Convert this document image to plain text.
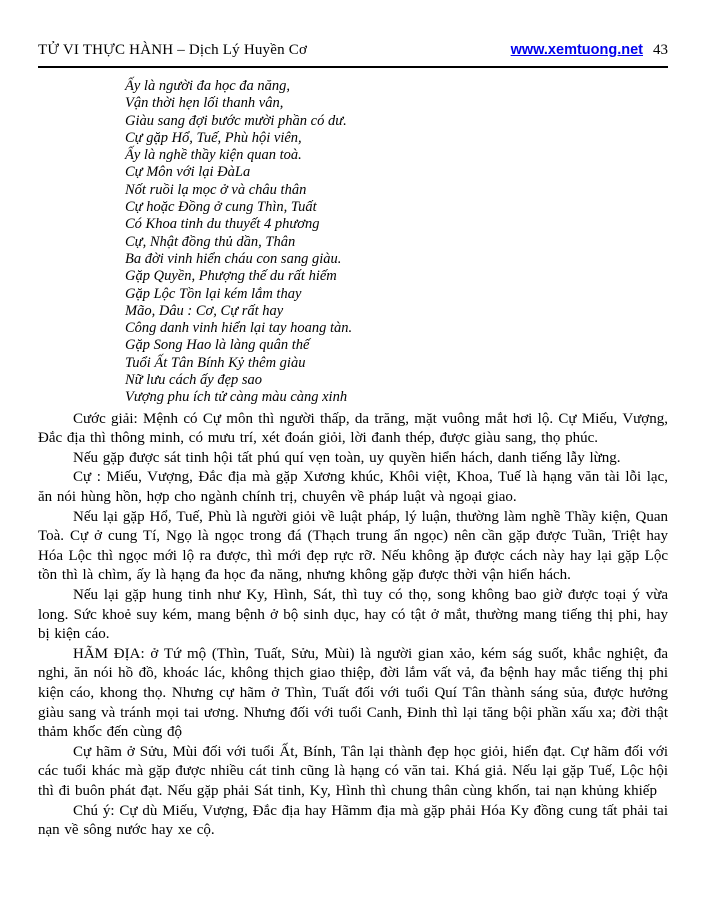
TỬ VI THỰC HÀNH – Dịch Lý Huyền Cơ	www.xemtuong.net 43
Ấy là người đa học đa năng,
Vận thời hẹn lối thanh vân,
Giàu sang đợi bước mười phần có dư.
Cự gặp Hổ, Tuế, Phù hội viên,
Ấy là nghề thầy kiện quan toà.
Cự Môn với lại ĐàLa
Nốt ruồi lạ mọc ở và châu thân
Cự hoặc Đồng ở cung Thìn, Tuất
Có Khoa tinh du thuyết 4 phương
Cự, Nhật đồng thủ dần, Thân
Ba đời vinh hiển cháu con sang giàu.
Gặp Quyền, Phượng thế du rất hiếm
Gặp Lộc Tồn lại kém lắm thay
Mão, Dâu : Cơ, Cự rất hay
Công danh vinh hiển lại tay hoang tàn.
Gặp Song Hao là làng quân thế
Tuổi Ất Tân Bính Kỷ thêm giàu
Nữ lưu cách ấy đẹp sao
Vượng phu ích tử càng màu càng xinh

Cước giải: Mệnh có Cự môn thì người thấp, da trăng, mặt vuông mắt hơi lộ. Cự Miếu, Vượng, Đắc địa thì thông minh, có mưu trí, xét đoán giỏi, lời đanh thép, được giàu sang, thọ phúc.

Nếu gặp được sát tinh hội tất phú quí vẹn toàn, uy quyền hiển hách, danh tiếng lẫy lừng.

Cự : Miếu, Vượng, Đắc địa mà gặp Xương khúc, Khôi việt, Khoa, Tuế là hạng văn tài lỗi lạc, ăn nói hùng hồn, hợp cho ngành chính trị, chuyên về pháp luật và ngoại giao.

Nếu lại gặp Hổ, Tuế, Phù là người giỏi về luật pháp, lý luận, thường làm nghề Thầy kiện, Quan Toà. Cự ở cung Tí, Ngọ là ngọc trong đá (Thạch trung ẩn ngọc) nên cần gặp được Tuần, Triệt hay Hóa Lộc thì ngọc mới lộ ra được, thì mới đẹp rực rỡ. Nếu không ặp được cách này hay lại gặp Lộc tồn thì là chìm, ấy là hạng đa học đa năng, nhưng không gặp được thời vận hiển hách.

Nếu lại gặp hung tinh như Ky, Hình, Sát, thì tuy có thọ, song không bao giờ được toại ý vừa long. Sức khoẻ suy kém, mang bệnh ở bộ sinh dục, hay có tật ở mắt, thường mang tiếng thị phi, hay bị kiện cáo.

HÃM ĐỊA: ở Tứ mộ (Thìn, Tuất, Sửu, Mùi) là người gian xảo, kém ság suốt, khắc nghiệt, đa nghi, ăn nói hồ đồ, khoác lác, không thịch giao thiệp, đời lắm vất vả, đa bệnh hay mắc tiếng thị phi kiện cáo, khong thọ. Nhưng cự hãm ở Thìn, Tuất đối với tuổi Quí Tân thành sáng sủa, được hưởng giàu sang và tránh mọi tai ương. Nhưng đối với tuổi Canh, Đinh thì lại tăng bội phần xấu xa; đời thật thảm khốc đến cùng độ

Cự hãm ở Sửu, Mùi đối với tuổi Ất, Bính, Tân lại thành đẹp học giỏi, hiển đạt. Cự hãm đối với các tuổi khác mà gặp được nhiều cát tinh cũng là hạng có văn tai. Khá giả. Nếu lại gặp Tuế, Lộc hội thì đi buôn phát đạt. Nếu gặp phải Sát tinh, Ky, Hình thì chung thân cùng khốn, tai nạn khủng khiếp

Chú ý: Cự dù Miếu, Vượng, Đắc địa hay Hãmm địa mà gặp phải Hóa Ky đồng cung tất phải tai nạn về sông nước hay xe cộ.
